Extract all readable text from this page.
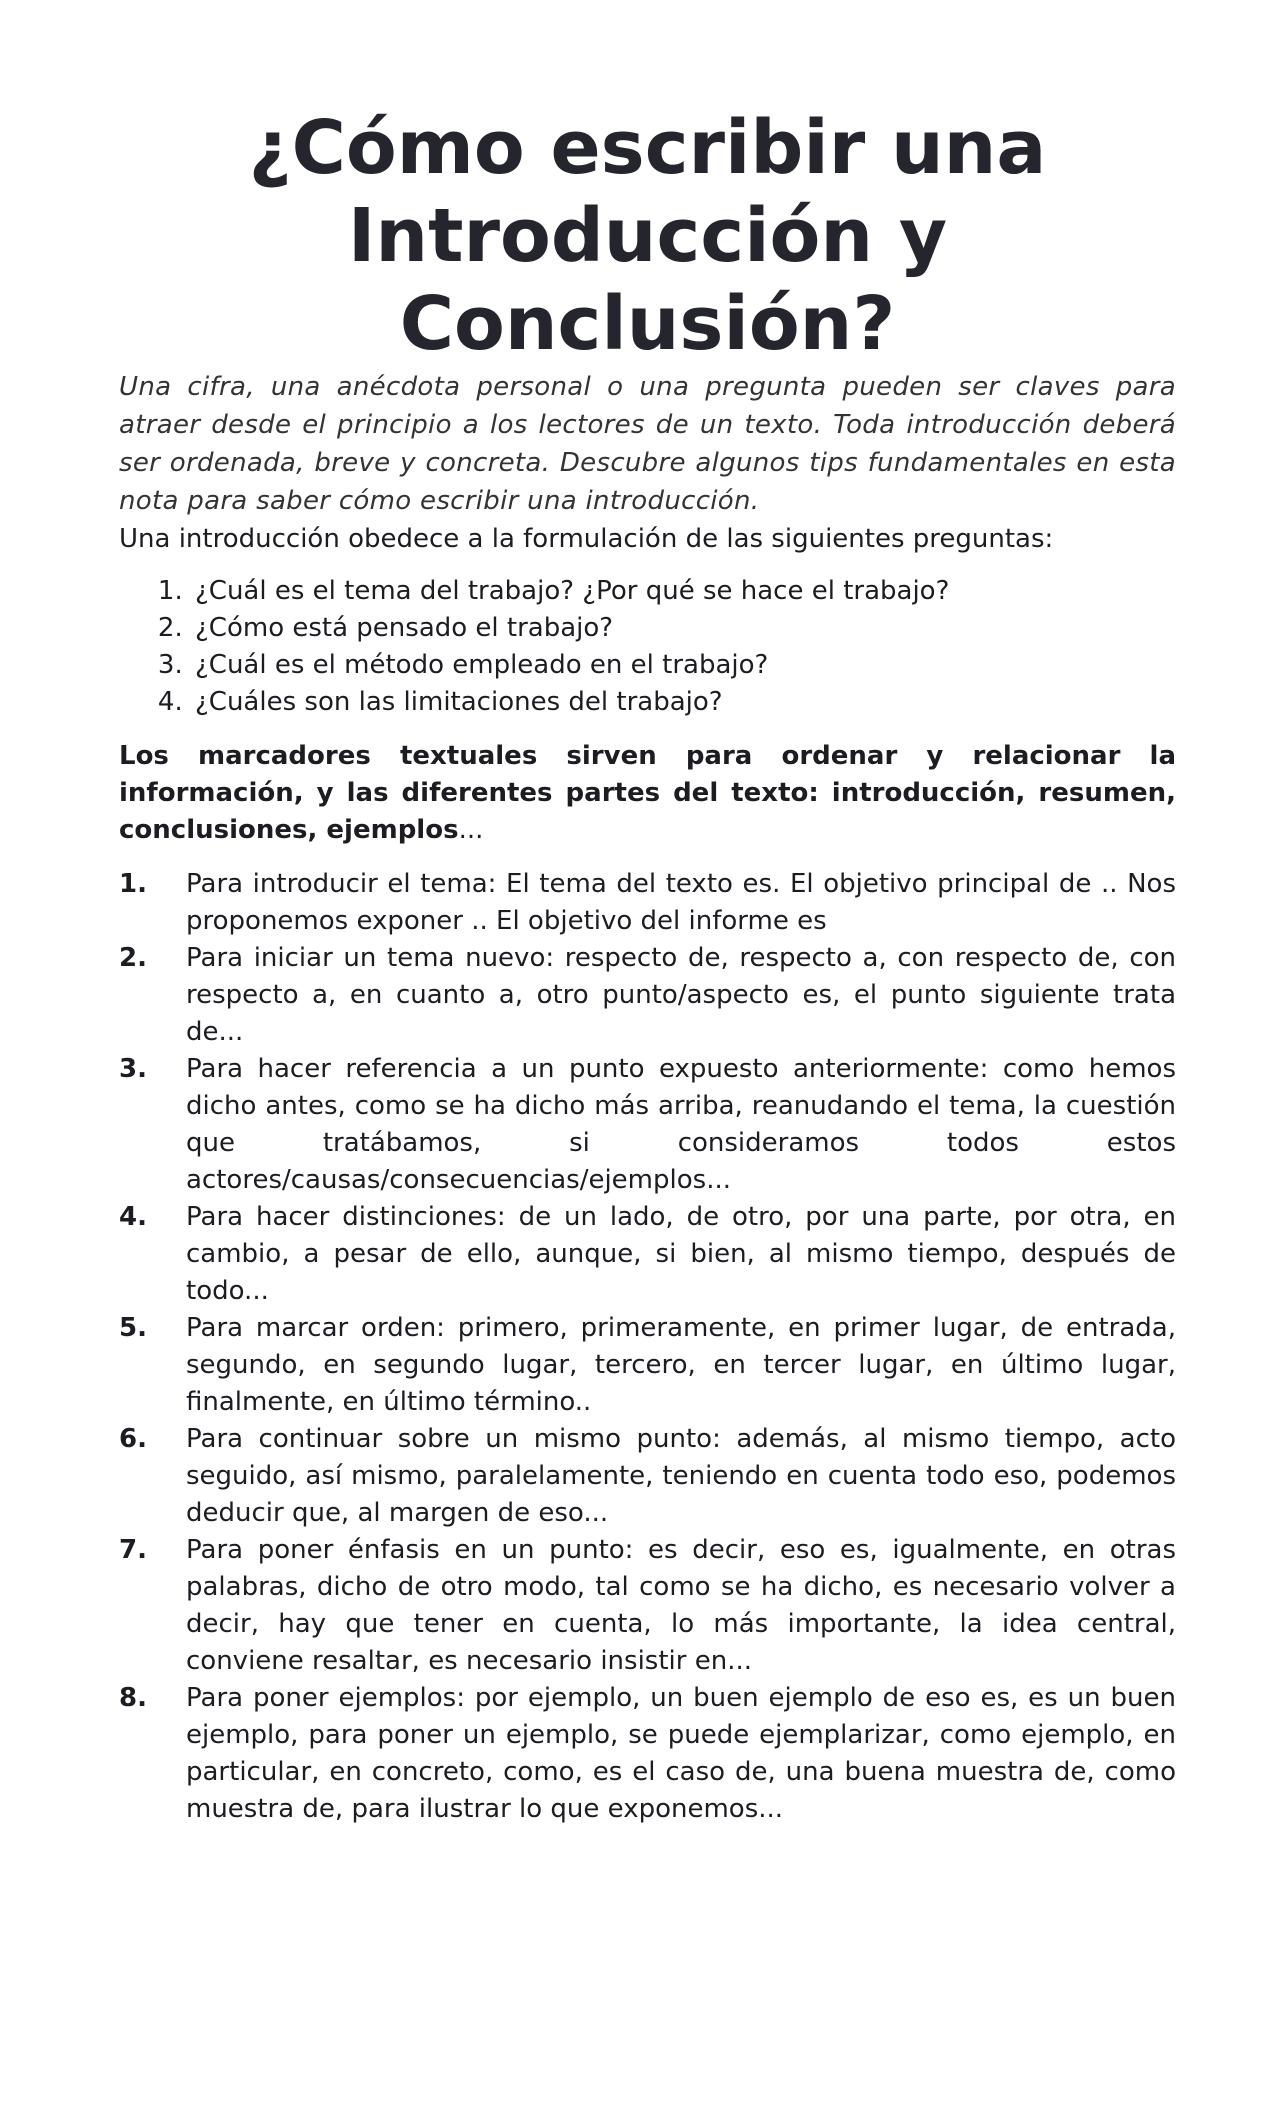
¿Cómo escribir una Introducción y Conclusión?

Una cifra, una anécdota personal o una pregunta pueden ser claves para atraer desde el principio a los lectores de un texto. Toda introducción deberá ser ordenada, breve y concreta. Descubre algunos tips fundamentales en esta nota para saber cómo escribir una introducción.

Una introducción obedece a la formulación de las siguientes preguntas:

1. ¿Cuál es el tema del trabajo? ¿Por qué se hace el trabajo?
2. ¿Cómo está pensado el trabajo?
3. ¿Cuál es el método empleado en el trabajo?
4. ¿Cuáles son las limitaciones del trabajo?

Los marcadores textuales sirven para ordenar y relacionar la información, y las diferentes partes del texto: introducción, resumen, conclusiones, ejemplos...

1.	Para introducir el tema: El tema del texto es. El objetivo principal de .. Nos proponemos exponer .. El objetivo del informe es
2.	Para iniciar un tema nuevo: respecto de, respecto a, con respecto de, con respecto a, en cuanto a, otro punto/aspecto es, el punto siguiente trata de...
3.	Para hacer referencia a un punto expuesto anteriormente: como hemos dicho antes, como se ha dicho más arriba, reanudando el tema, la cuestión que tratábamos, si consideramos todos estos actores/causas/consecuencias/ejemplos...
4.	Para hacer distinciones: de un lado, de otro, por una parte, por otra, en cambio, a pesar de ello, aunque, si bien, al mismo tiempo, después de todo...
5.	Para marcar orden: primero, primeramente, en primer lugar, de entrada, segundo, en segundo lugar, tercero, en tercer lugar, en último lugar, finalmente, en último término..
6.	Para continuar sobre un mismo punto: además, al mismo tiempo, acto seguido, así mismo, paralelamente, teniendo en cuenta todo eso, podemos deducir que, al margen de eso...
7.	Para poner énfasis en un punto: es decir, eso es, igualmente, en otras palabras, dicho de otro modo, tal como se ha dicho, es necesario volver a decir, hay que tener en cuenta, lo más importante, la idea central, conviene resaltar, es necesario insistir en...
8.	Para poner ejemplos: por ejemplo, un buen ejemplo de eso es, es un buen ejemplo, para poner un ejemplo, se puede ejemplarizar, como ejemplo, en particular, en concreto, como, es el caso de, una buena muestra de, como muestra de, para ilustrar lo que exponemos...
